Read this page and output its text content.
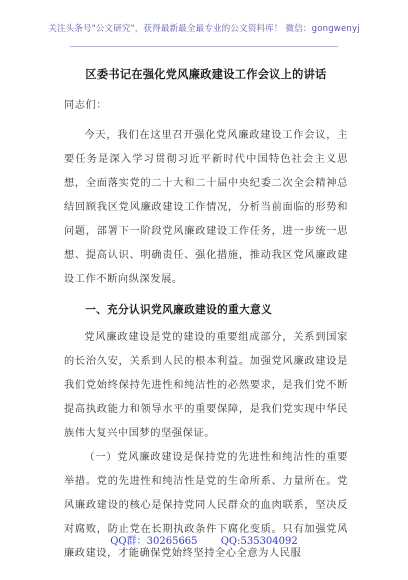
关注头条号"公文研究"，获得最新最全最专业的公文资料库！ 微信：gongwenyj
区委书记在强化党风廉政建设工作会议上的讲话

同志们：

今天，我们在这里召开强化党风廉政建设工作会议，主要任务是深入学习贯彻习近平新时代中国特色社会主义思想，全面落实党的二十大和二十届中央纪委二次全会精神总结回顾我区党风廉政建设工作情况，分析当前面临的形势和问题，部署下一阶段党风廉政建设工作任务，进一步统一思想、提高认识、明确责任、强化措施，推动我区党风廉政建设工作不断向纵深发展。

一、充分认识党风廉政建设的重大意义

党风廉政建设是党的建设的重要组成部分，关系到国家的长治久安，关系到人民的根本利益。加强党风廉政建设是我们党始终保持先进性和纯洁性的必然要求，是我们党不断提高执政能力和领导水平的重要保障，是我们党实现中华民族伟大复兴中国梦的坚强保证。

（一）党风廉政建设是保持党的先进性和纯洁性的重要举措。党的先进性和纯洁性是党的生命所系、力量所在。党风廉政建设的核心是保持党同人民群众的血肉联系，坚决反对腐败，防止党在长期执政条件下腐化变质。只有加强党风廉政建设，才能确保党始终坚持全心全意为人民服

QQ群：30265665 QQ:535304092
